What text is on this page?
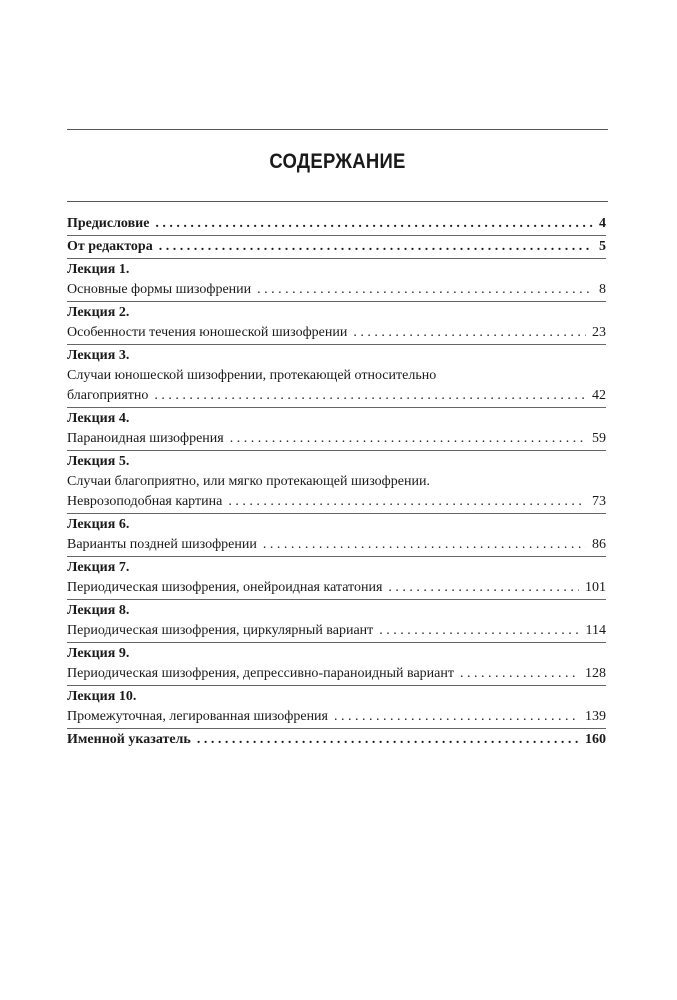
СОДЕРЖАНИЕ
Предисловие . . .	4
От редактора . . .	5
Лекция 1.
Основные формы шизофрении . . .	8
Лекция 2.
Особенности течения юношеской шизофрении . . .	23
Лекция 3.
Случаи юношеской шизофрении, протекающей относительно
благоприятно . . .	42
Лекция 4.
Параноидная шизофрения . . .	59
Лекция 5.
Случаи благоприятно, или мягко протекающей шизофрении.
Неврозоподобная картина . . .	73
Лекция 6.
Варианты поздней шизофрении . . .	86
Лекция 7.
Периодическая шизофрения, онейроидная кататония . . .	101
Лекция 8.
Периодическая шизофрения, циркулярный вариант . . .	114
Лекция 9.
Периодическая шизофрения, депрессивно-параноидный вариант . . .	128
Лекция 10.
Промежуточная, легированная шизофрения . . .	139
Именной указатель . . .	160
